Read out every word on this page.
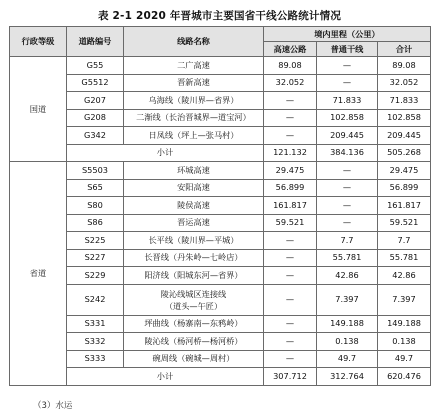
表 2-1 2020 年晋城市主要国省干线公路统计情况
行政等级	道路编号	线路名称	境内里程（公里）		
			高速公路	普通干线	合计
国道	G55	二广高速	89.08	—	89.08
	G5512	晋新高速	32.052	—	32.052
	G207	乌海线（陵川界—省界）	—	71.833	71.833
	G208	二渐线（长治晋城界—道宝河）	—	102.858	102.858
	G342	日凤线（坪上—张马村）	—	209.445	209.445
	小计		121.132	384.136	505.268
省道	S5503	环城高速	29.475	—	29.475
	S65	安阳高速	56.899	—	56.899
	S80	陵侯高速	161.817	—	161.817
	S86	晋运高速	59.521	—	59.521
	S225	长平线（陵川界—平城）	—	7.7	7.7
	S227	长晋线（丹朱岭—七岭店）	—	55.781	55.781
	S229	阳济线（阳城东河—省界）	—	42.86	42.86
	S242	陵沁线城区连接线
（道头—午匠）	—	7.397	7.397
	S331	坪曲线（杨寨南—东鸦岭）	—	149.188	149.188
	S332	陵沁线（杨河桥—杨河桥）	—	0.138	0.138
	S333	碗周线（碗城—周村）	—	49.7	49.7
	小计		307.712	312.764	620.476
（3）水运
